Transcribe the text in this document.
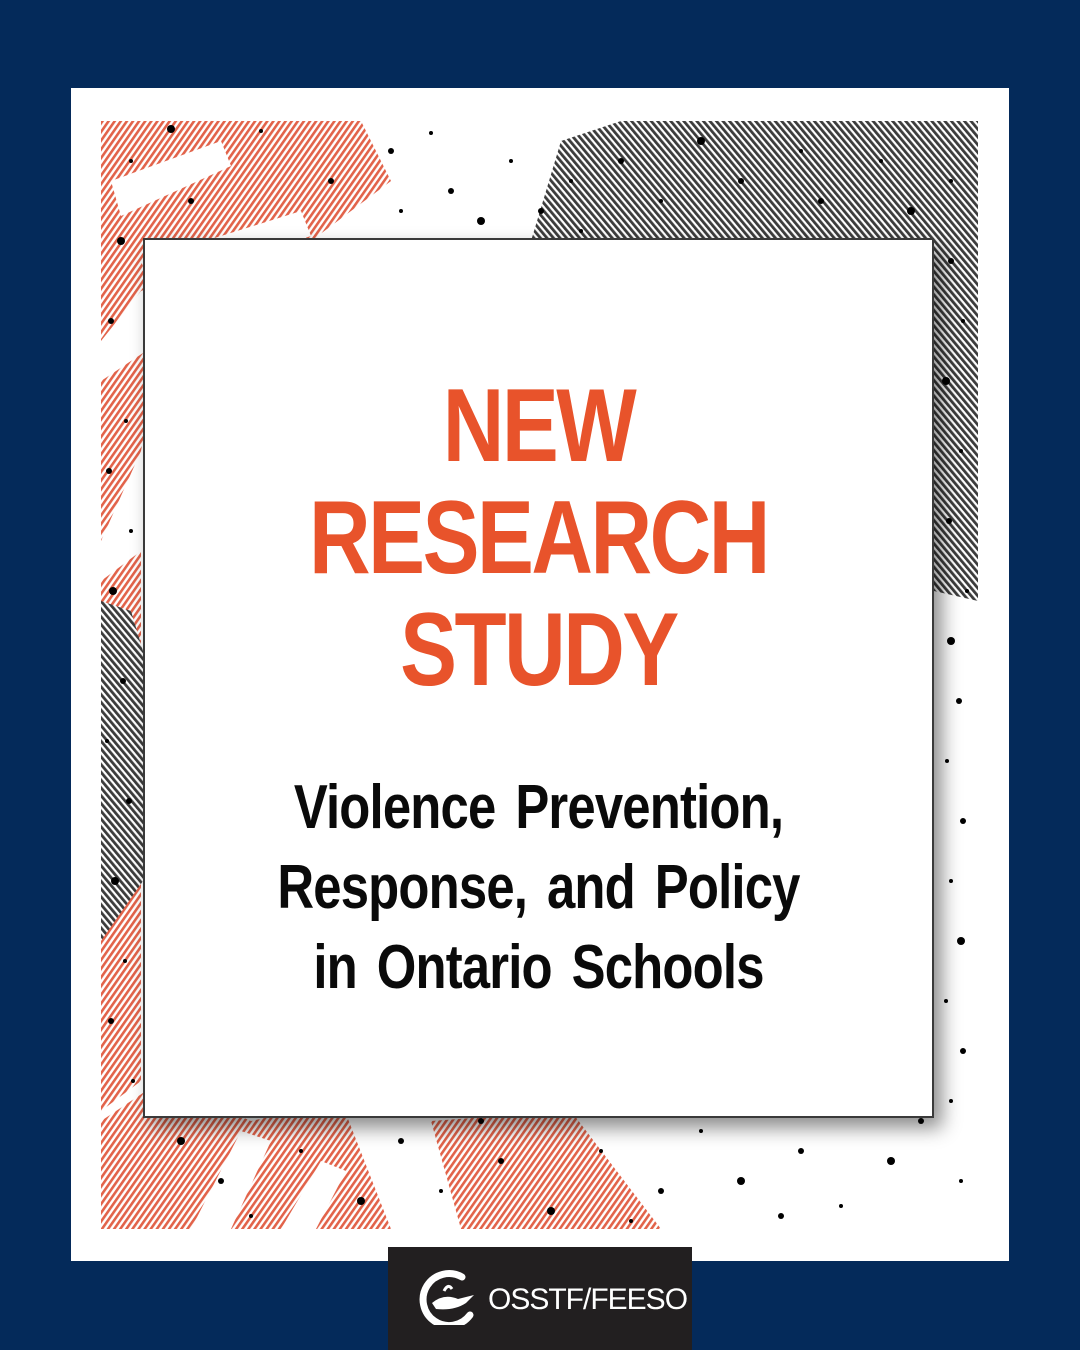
NEW
RESEARCH
STUDY
Violence Prevention,
Response, and Policy
in Ontario Schools
OSSTF/FEESO
